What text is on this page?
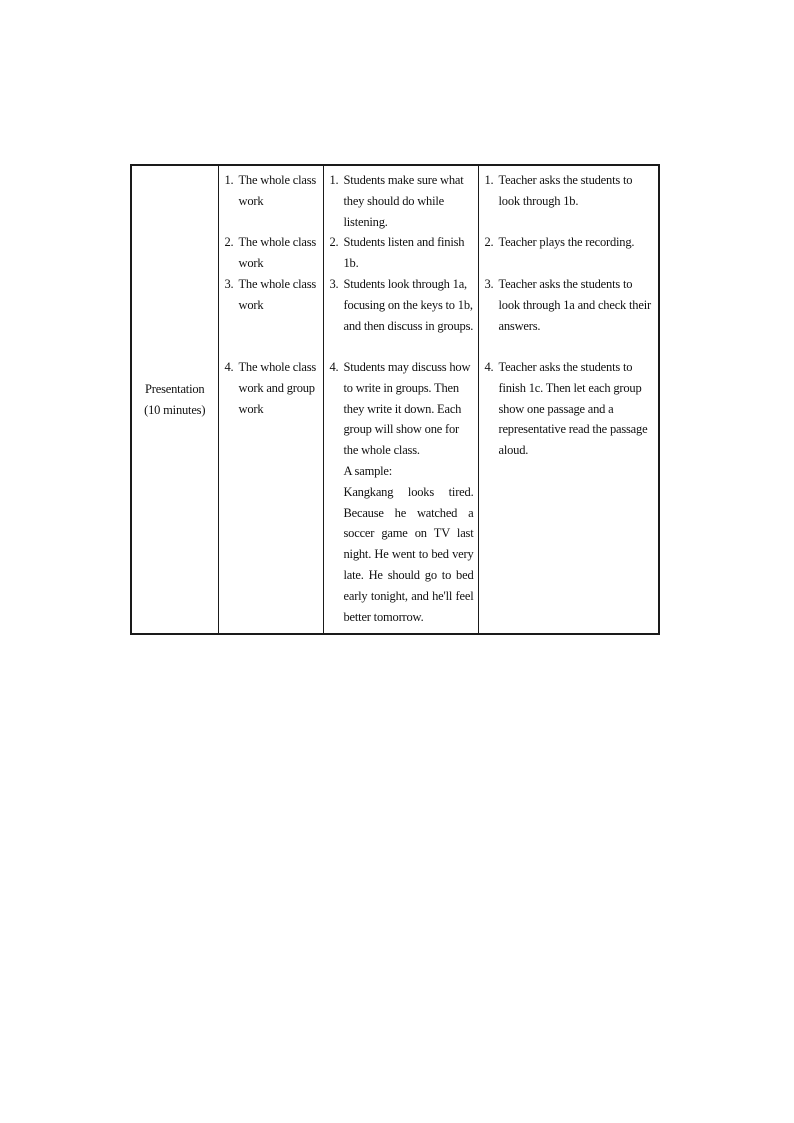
Presentation
(10 minutes)

1. The whole class work
2. The whole class work
3. The whole class work
4. The whole class work and group work

1. Students make sure what they should do while listening.
2. Students listen and finish 1b.
3. Students look through 1a, focusing on the keys to 1b, and then discuss in groups.
4. Students may discuss how to write in groups. Then they write it down. Each group will show one for the whole class.
A sample:
Kangkang looks tired. Because he watched a soccer game on TV last night. He went to bed very late. He should go to bed early tonight, and he'll feel better tomorrow.

1. Teacher asks the students to look through 1b.
2. Teacher plays the recording.
3. Teacher asks the students to look through 1a and check their answers.
4. Teacher asks the students to finish 1c. Then let each group show one passage and a representative read the passage aloud.
